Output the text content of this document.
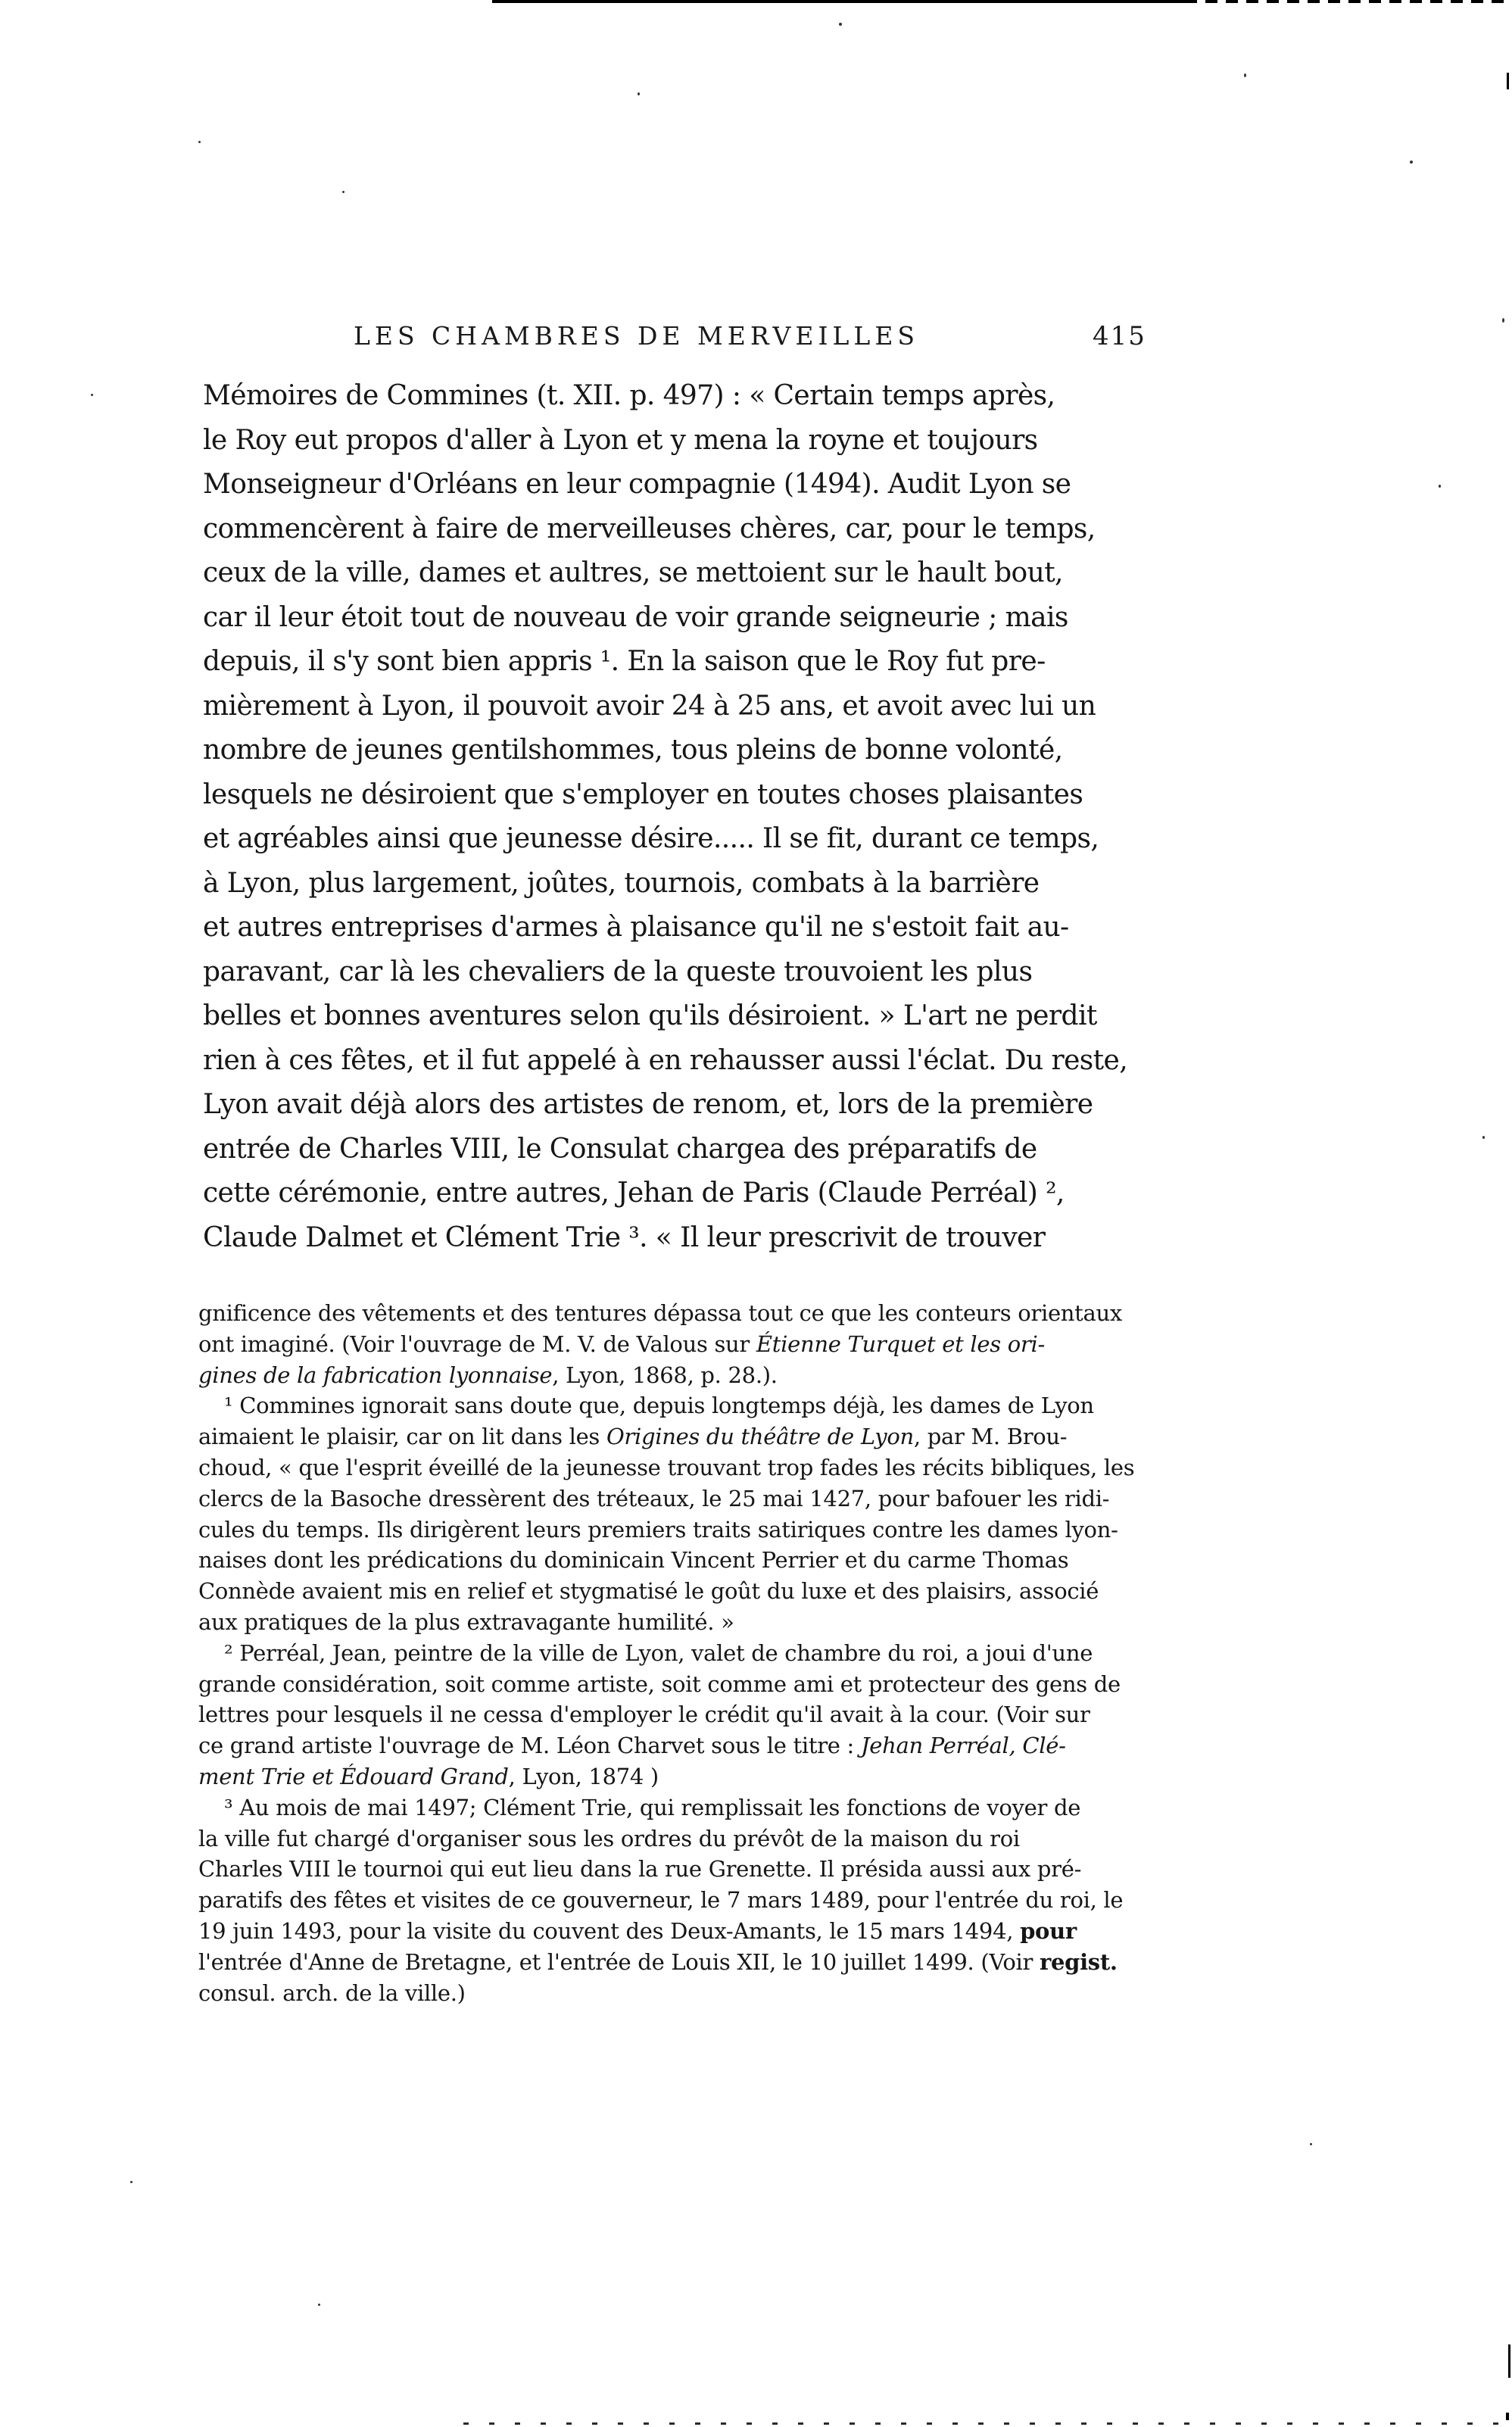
LES CHAMBRES DE MERVEILLES	415
Mémoires de Commines (t. XII. p. 497) : « Certain temps après,
le Roy eut propos d'aller à Lyon et y mena la royne et toujours
Monseigneur d'Orléans en leur compagnie (1494). Audit Lyon se
commencèrent à faire de merveilleuses chères, car, pour le temps,
ceux de la ville, dames et aultres, se mettoient sur le hault bout,
car il leur étoit tout de nouveau de voir grande seigneurie ; mais
depuis, il s'y sont bien appris ¹. En la saison que le Roy fut pre-
mièrement à Lyon, il pouvoit avoir 24 à 25 ans, et avoit avec lui un
nombre de jeunes gentilshommes, tous pleins de bonne volonté,
lesquels ne désiroient que s'employer en toutes choses plaisantes
et agréables ainsi que jeunesse désire..... Il se fit, durant ce temps,
à Lyon, plus largement, joûtes, tournois, combats à la barrière
et autres entreprises d'armes à plaisance qu'il ne s'estoit fait au-
paravant, car là les chevaliers de la queste trouvoient les plus
belles et bonnes aventures selon qu'ils désiroient. » L'art ne perdit
rien à ces fêtes, et il fut appelé à en rehausser aussi l'éclat. Du reste,
Lyon avait déjà alors des artistes de renom, et, lors de la première
entrée de Charles VIII, le Consulat chargea des préparatifs de
cette cérémonie, entre autres, Jehan de Paris (Claude Perréal) ²,
Claude Dalmet et Clément Trie ³. « Il leur prescrivit de trouver
gnificence des vêtements et des tentures dépassa tout ce que les conteurs orientaux
ont imaginé. (Voir l'ouvrage de M. V. de Valous sur Étienne Turquet et les ori-
gines de la fabrication lyonnaise, Lyon, 1868, p. 28.).
¹ Commines ignorait sans doute que, depuis longtemps déjà, les dames de Lyon
aimaient le plaisir, car on lit dans les Origines du théâtre de Lyon, par M. Brou-
choud, « que l'esprit éveillé de la jeunesse trouvant trop fades les récits bibliques, les
clercs de la Basoche dressèrent des tréteaux, le 25 mai 1427, pour bafouer les ridi-
cules du temps. Ils dirigèrent leurs premiers traits satiriques contre les dames lyon-
naises dont les prédications du dominicain Vincent Perrier et du carme Thomas
Connède avaient mis en relief et stygmatisé le goût du luxe et des plaisirs, associé
aux pratiques de la plus extravagante humilité. »
² Perréal, Jean, peintre de la ville de Lyon, valet de chambre du roi, a joui d'une
grande considération, soit comme artiste, soit comme ami et protecteur des gens de
lettres pour lesquels il ne cessa d'employer le crédit qu'il avait à la cour. (Voir sur
ce grand artiste l'ouvrage de M. Léon Charvet sous le titre : Jehan Perréal, Clé-
ment Trie et Édouard Grand, Lyon, 1874 )
³ Au mois de mai 1497; Clément Trie, qui remplissait les fonctions de voyer de
la ville fut chargé d'organiser sous les ordres du prévôt de la maison du roi
Charles VIII le tournoi qui eut lieu dans la rue Grenette. Il présida aussi aux pré-
paratifs des fêtes et visites de ce gouverneur, le 7 mars 1489, pour l'entrée du roi, le
19 juin 1493, pour la visite du couvent des Deux-Amants, le 15 mars 1494, pour
l'entrée d'Anne de Bretagne, et l'entrée de Louis XII, le 10 juillet 1499. (Voir regist.
consul. arch. de la ville.)
